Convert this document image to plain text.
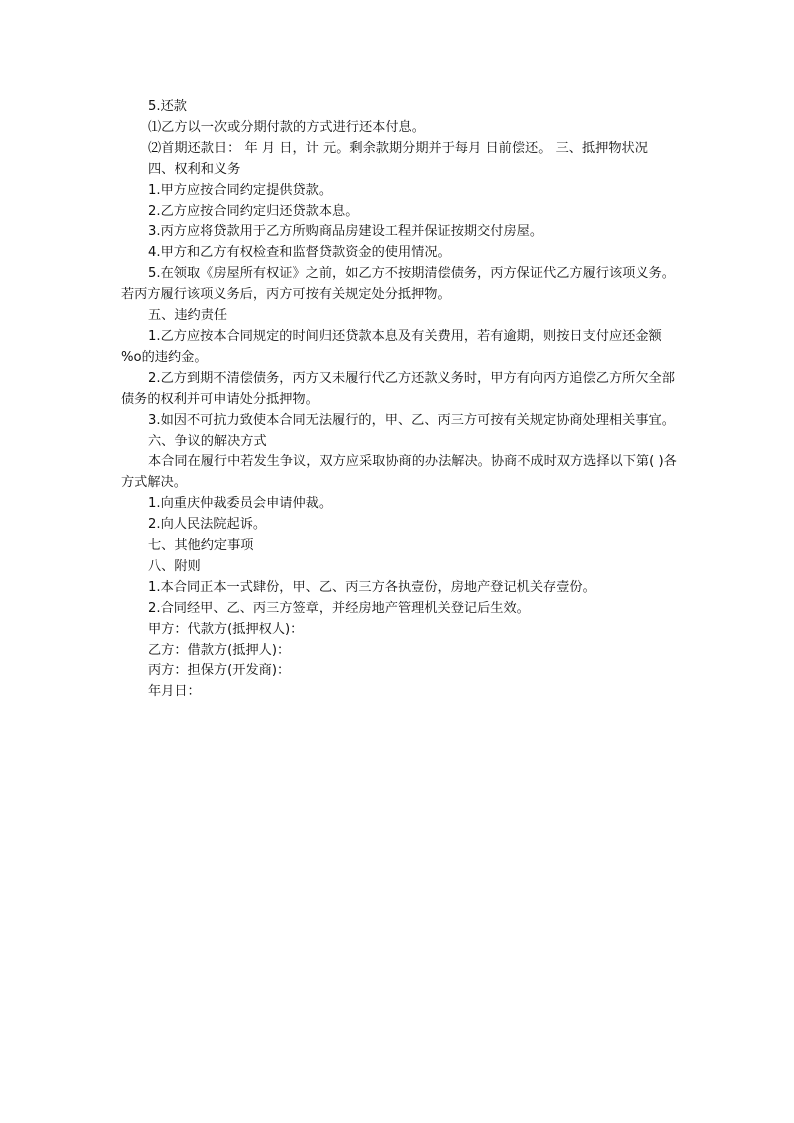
5.还款

⑴乙方以一次或分期付款的方式进行还本付息。

⑵首期还款日： 年 月 日，计 元。剩余款期分期并于每月 日前偿还。 三、抵押物状况

四、权利和义务

1.甲方应按合同约定提供贷款。

2.乙方应按合同约定归还贷款本息。

3.丙方应将贷款用于乙方所购商品房建设工程并保证按期交付房屋。

4.甲方和乙方有权检查和监督贷款资金的使用情况。

5.在领取《房屋所有权证》之前，如乙方不按期清偿债务，丙方保证代乙方履行该项义务。若丙方履行该项义务后，丙方可按有关规定处分抵押物。

五、违约责任

1.乙方应按本合同规定的时间归还贷款本息及有关费用，若有逾期，则按日支付应还金额 %o的违约金。

2.乙方到期不清偿债务，丙方又未履行代乙方还款义务时，甲方有向丙方追偿乙方所欠全部债务的权利并可申请处分抵押物。

3.如因不可抗力致使本合同无法履行的，甲、乙、丙三方可按有关规定协商处理相关事宜。

六、争议的解决方式

本合同在履行中若发生争议，双方应采取协商的办法解决。协商不成时双方选择以下第( )各方式解决。

1.向重庆仲裁委员会申请仲裁。

2.向人民法院起诉。

七、其他约定事项

八、附则

1.本合同正本一式肆份，甲、乙、丙三方各执壹份，房地产登记机关存壹份。

2.合同经甲、乙、丙三方签章，并经房地产管理机关登记后生效。

甲方：代款方(抵押权人)：

乙方：借款方(抵押人)：

丙方：担保方(开发商)：

年月日：
